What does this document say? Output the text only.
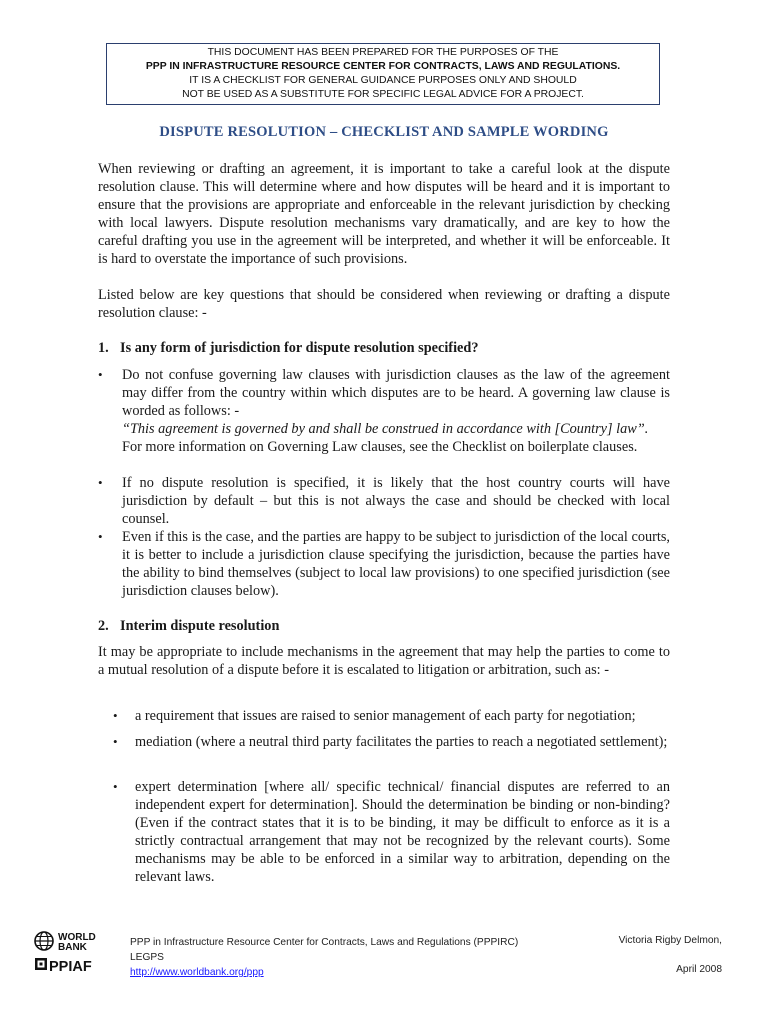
THIS DOCUMENT HAS BEEN PREPARED FOR THE PURPOSES OF THE
PPP IN INFRASTRUCTURE RESOURCE CENTER FOR CONTRACTS, LAWS AND REGULATIONS.
IT IS A CHECKLIST FOR GENERAL GUIDANCE PURPOSES ONLY AND SHOULD
NOT BE USED AS A SUBSTITUTE FOR SPECIFIC LEGAL ADVICE FOR A PROJECT.
DISPUTE RESOLUTION – CHECKLIST AND SAMPLE WORDING
When reviewing or drafting an agreement, it is important to take a careful look at the dispute resolution clause. This will determine where and how disputes will be heard and it is important to ensure that the provisions are appropriate and enforceable in the relevant jurisdiction by checking with local lawyers. Dispute resolution mechanisms vary dramatically, and are key to how the careful drafting you use in the agreement will be interpreted, and whether it will be enforceable. It is hard to overstate the importance of such provisions.
Listed below are key questions that should be considered when reviewing or drafting a dispute resolution clause: -
1. Is any form of jurisdiction for dispute resolution specified?
• Do not confuse governing law clauses with jurisdiction clauses as the law of the agreement may differ from the country within which disputes are to be heard. A governing law clause is worded as follows: -
“This agreement is governed by and shall be construed in accordance with [Country] law”.
For more information on Governing Law clauses, see the Checklist on boilerplate clauses.
• If no dispute resolution is specified, it is likely that the host country courts will have jurisdiction by default – but this is not always the case and should be checked with local counsel.
• Even if this is the case, and the parties are happy to be subject to jurisdiction of the local courts, it is better to include a jurisdiction clause specifying the jurisdiction, because the parties have the ability to bind themselves (subject to local law provisions) to one specified jurisdiction (see jurisdiction clauses below).
2. Interim dispute resolution
It may be appropriate to include mechanisms in the agreement that may help the parties to come to a mutual resolution of a dispute before it is escalated to litigation or arbitration, such as: -
• a requirement that issues are raised to senior management of each party for negotiation;
• mediation (where a neutral third party facilitates the parties to reach a negotiated settlement);
• expert determination [where all/ specific technical/ financial disputes are referred to an independent expert for determination]. Should the determination be binding or non-binding? (Even if the contract states that it is to be binding, it may be difficult to enforce as it is a strictly contractual arrangement that may not be recognized by the relevant courts). Some mechanisms may be able to be enforced in a similar way to arbitration, depending on the relevant laws.
WORLD
BANK
PPIAF
PPP in Infrastructure Resource Center for Contracts, Laws and Regulations (PPPIRC)
LEGPS
http://www.worldbank.org/ppp
Victoria Rigby Delmon,
April 2008
